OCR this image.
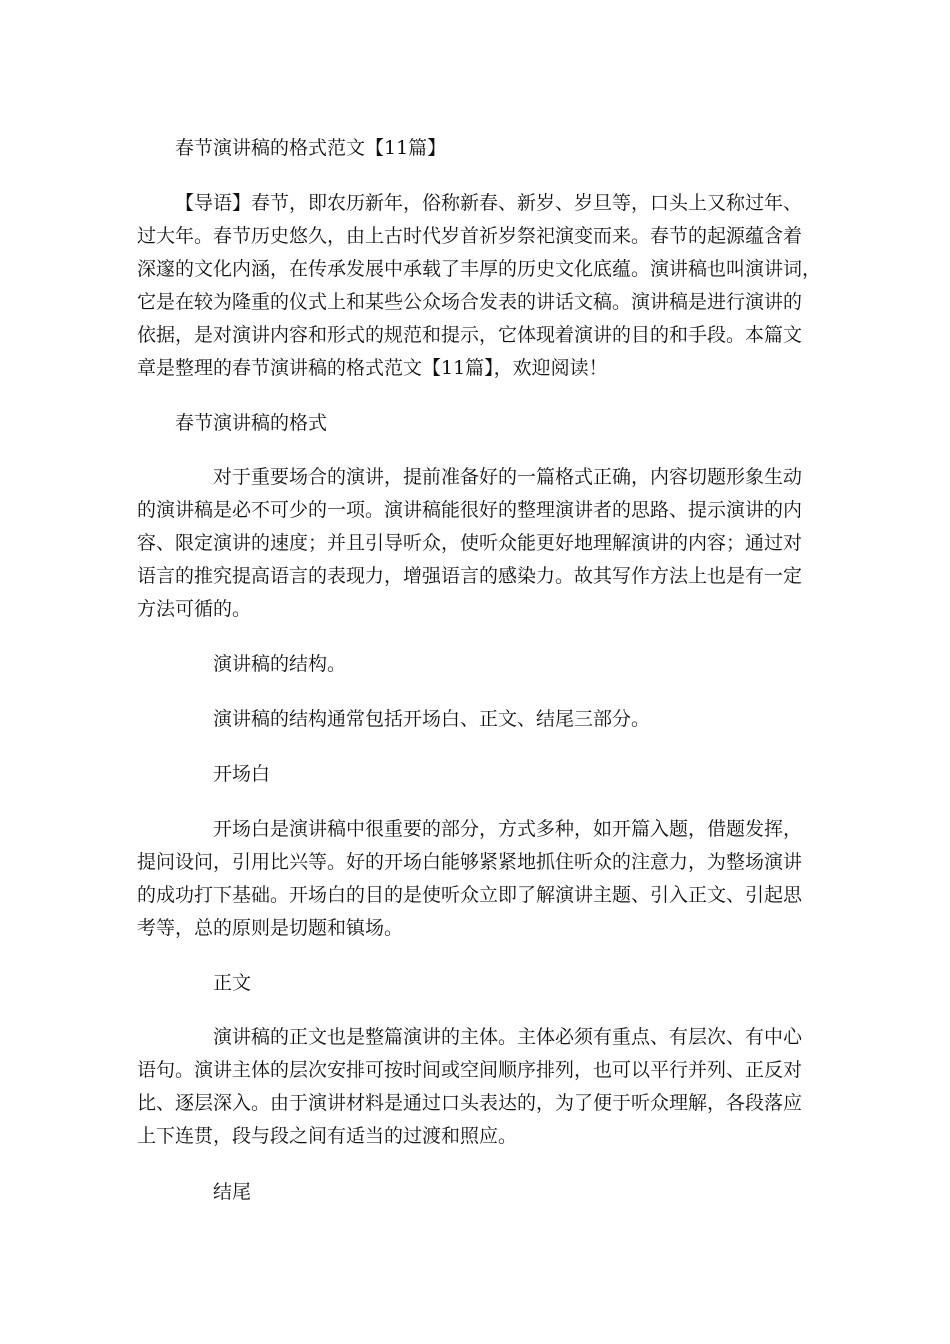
春节演讲稿的格式范文【11篇】

【导语】春节，即农历新年，俗称新春、新岁、岁旦等，口头上又称过年、

过大年。春节历史悠久，由上古时代岁首祈岁祭祀演变而来。春节的起源蕴含着

深邃的文化内涵，在传承发展中承载了丰厚的历史文化底蕴。演讲稿也叫演讲词，

它是在较为隆重的仪式上和某些公众场合发表的讲话文稿。演讲稿是进行演讲的

依据，是对演讲内容和形式的规范和提示，它体现着演讲的目的和手段。本篇文

章是整理的春节演讲稿的格式范文【11篇】，欢迎阅读！

春节演讲稿的格式

对于重要场合的演讲，提前准备好的一篇格式正确，内容切题形象生动

的演讲稿是必不可少的一项。演讲稿能很好的整理演讲者的思路、提示演讲的内

容、限定演讲的速度；并且引导听众，使听众能更好地理解演讲的内容；通过对

语言的推究提高语言的表现力，增强语言的感染力。故其写作方法上也是有一定

方法可循的。

演讲稿的结构。

演讲稿的结构通常包括开场白、正文、结尾三部分。

开场白

开场白是演讲稿中很重要的部分，方式多种，如开篇入题，借题发挥，

提问设问，引用比兴等。好的开场白能够紧紧地抓住听众的注意力，为整场演讲

的成功打下基础。开场白的目的是使听众立即了解演讲主题、引入正文、引起思

考等，总的原则是切题和镇场。

正文

演讲稿的正文也是整篇演讲的主体。主体必须有重点、有层次、有中心

语句。演讲主体的层次安排可按时间或空间顺序排列，也可以平行并列、正反对

比、逐层深入。由于演讲材料是通过口头表达的，为了便于听众理解，各段落应

上下连贯，段与段之间有适当的过渡和照应。

结尾
